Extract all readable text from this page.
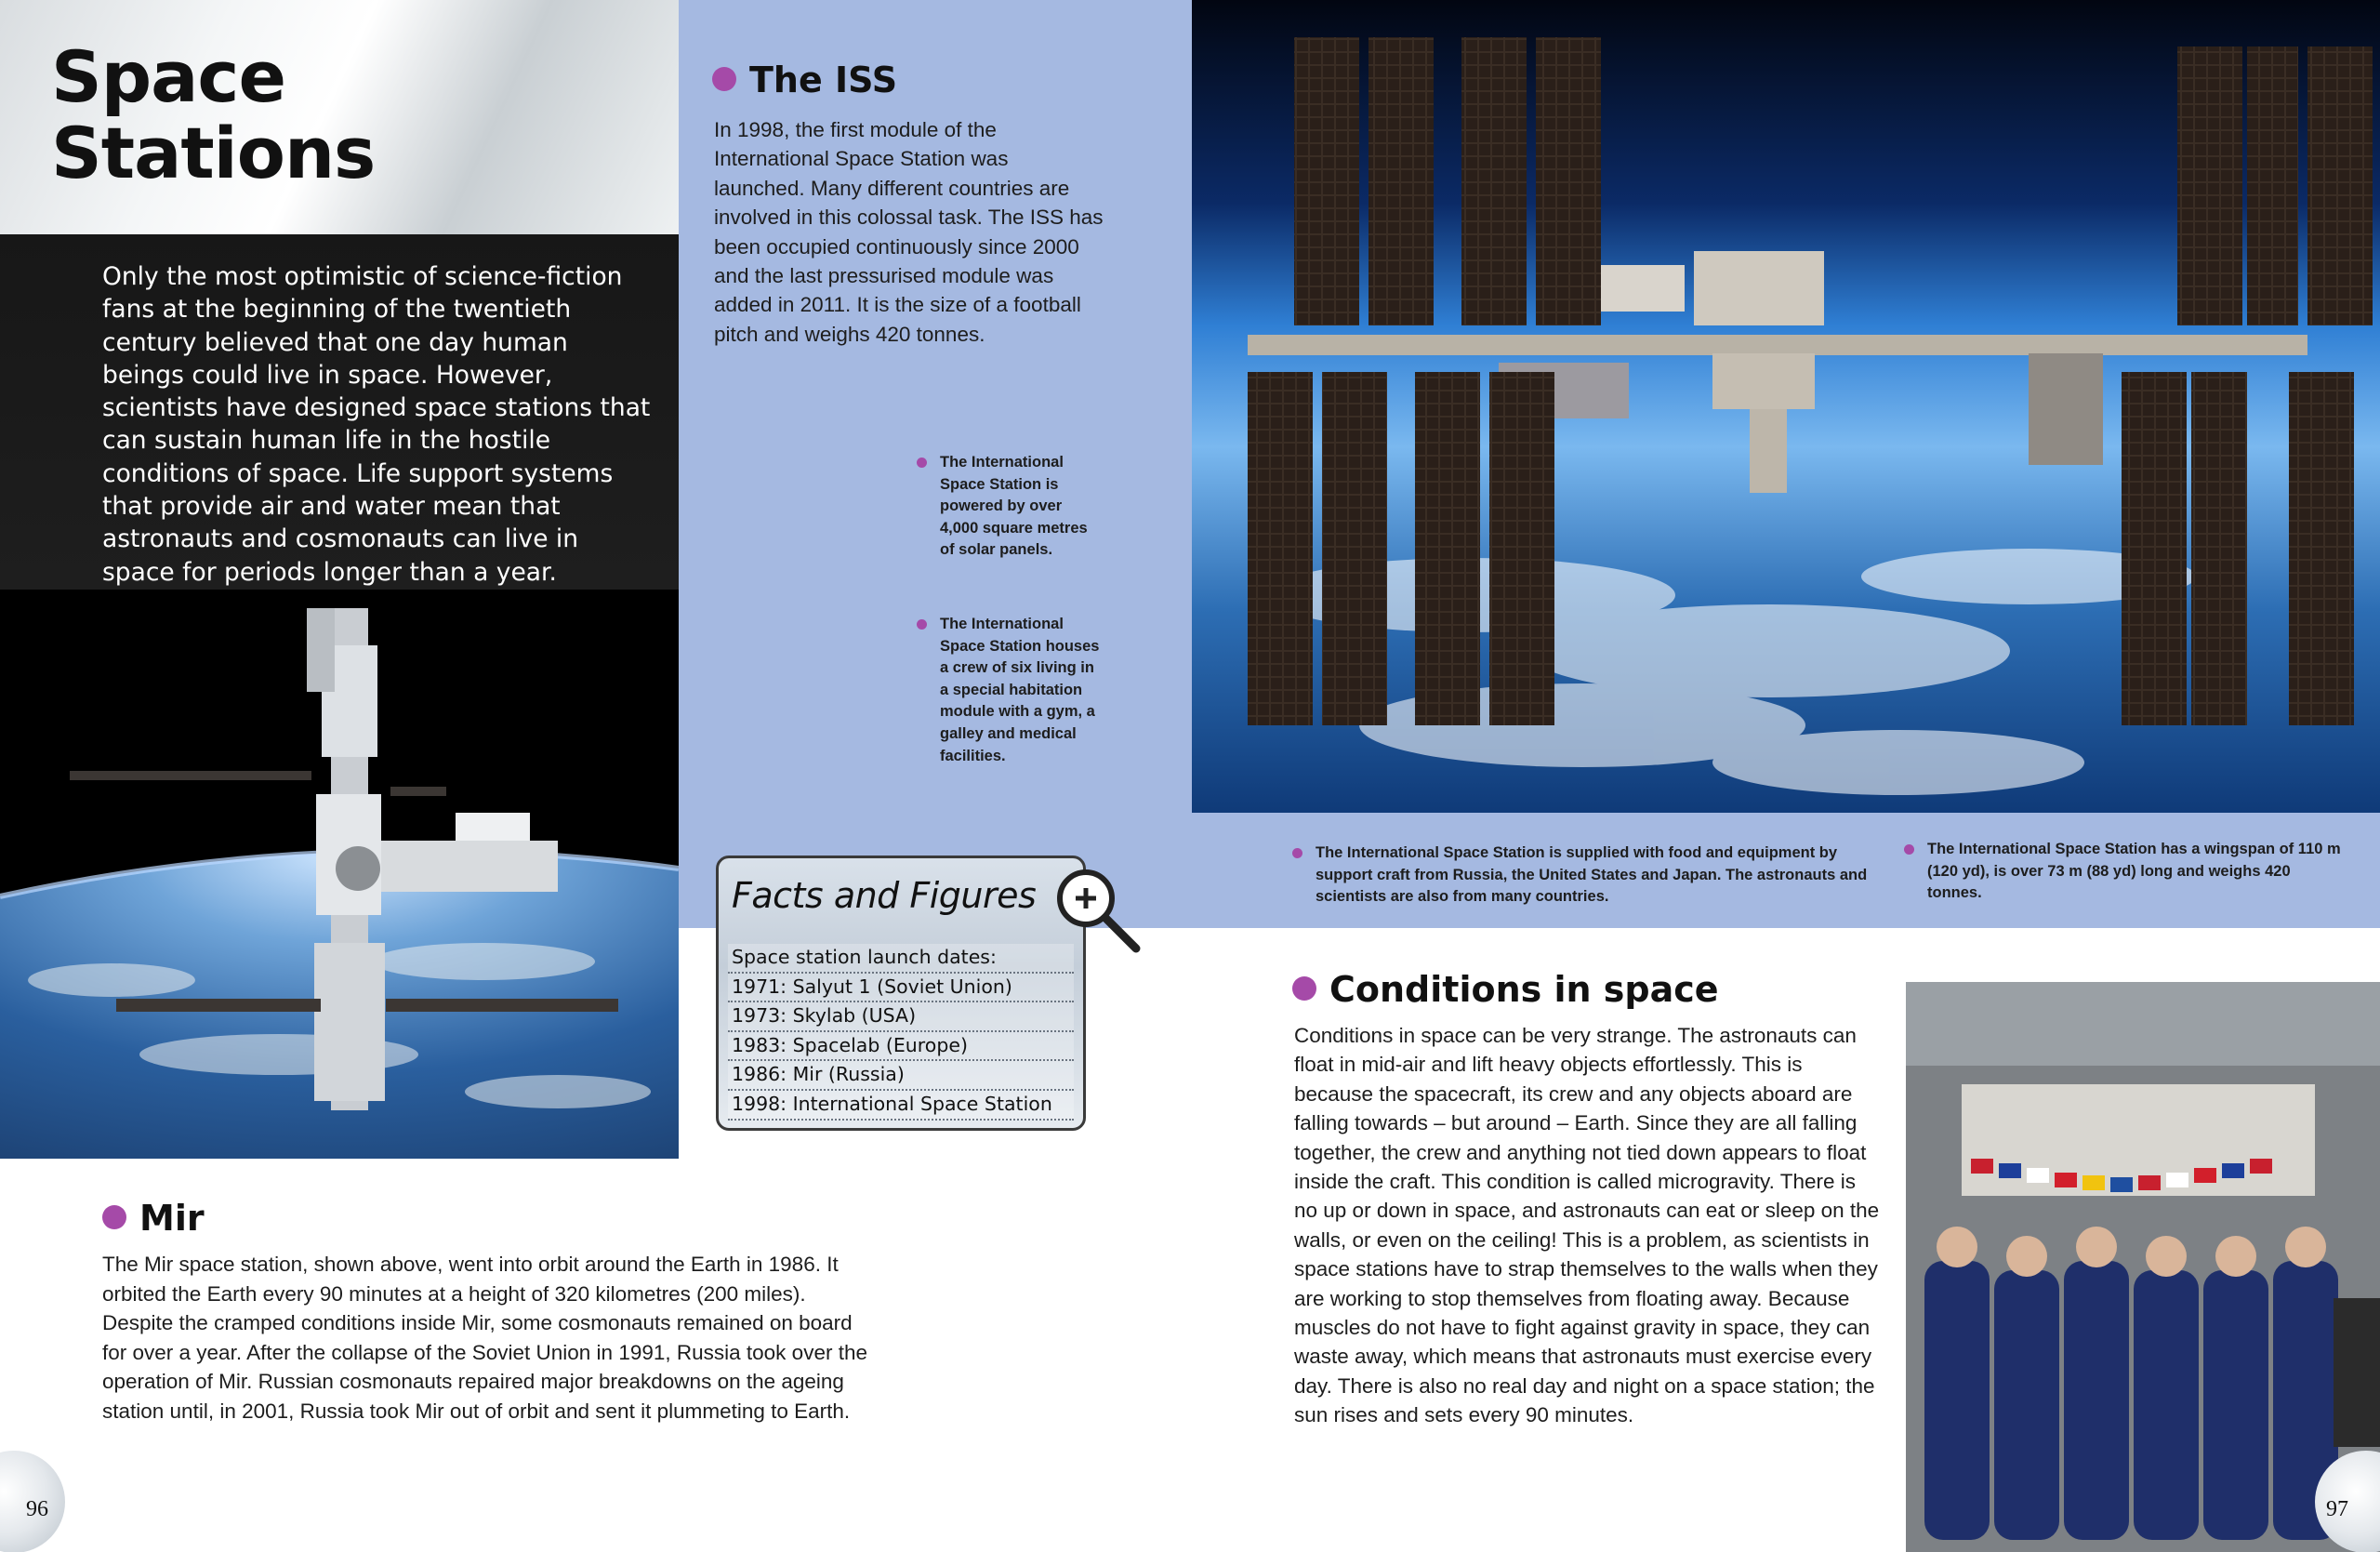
Space
Stations

Only the most optimistic of science-fiction fans at the beginning of the twentieth century believed that one day human beings could live in space. However, scientists have designed space stations that can sustain human life in the hostile conditions of space. Life support systems that provide air and water mean that astronauts and cosmonauts can live in space for periods longer than a year.

The ISS

In 1998, the first module of the International Space Station was launched. Many different countries are involved in this colossal task. The ISS has been occupied continuously since 2000 and the last pressurised module was added in 2011. It is the size of a football pitch and weighs 420 tonnes.

The International Space Station is powered by over 4,000 square metres of solar panels.
The International Space Station houses a crew of six living in a special habitation module with a gym, a galley and medical facilities.
Facts and Figures
Space station launch dates:
1971: Salyut 1 (Soviet Union)
1973: Skylab (USA)
1983: Spacelab (Europe)
1986: Mir (Russia)
1998: International Space Station
The International Space Station is supplied with food and equipment by support craft from Russia, the United States and Japan. The astronauts and scientists are also from many countries.
The International Space Station has a wingspan of 110 m (120 yd), is over 73 m (88 yd) long and weighs 420 tonnes.
Mir

The Mir space station, shown above, went into orbit around the Earth in 1986. It orbited the Earth every 90 minutes at a height of 320 kilometres (200 miles). Despite the cramped conditions inside Mir, some cosmonauts remained on board for over a year. After the collapse of the Soviet Union in 1991, Russia took over the operation of Mir. Russian cosmonauts repaired major breakdowns on the ageing station until, in 2001, Russia took Mir out of orbit and sent it plummeting to Earth.

Conditions in space

Conditions in space can be very strange. The astronauts can float in mid-air and lift heavy objects effortlessly. This is because the spacecraft, its crew and any objects aboard are falling towards – but around – Earth. Since they are all falling together, the crew and anything not tied down appears to float inside the craft. This condition is called microgravity. There is no up or down in space, and astronauts can eat or sleep on the walls, or even on the ceiling! This is a problem, as scientists in space stations have to strap themselves to the walls when they are working to stop themselves from floating away. Because muscles do not have to fight against gravity in space, they can waste away, which means that astronauts must exercise every day. There is also no real day and night on a space station; the sun rises and sets every 90 minutes.

96	97
